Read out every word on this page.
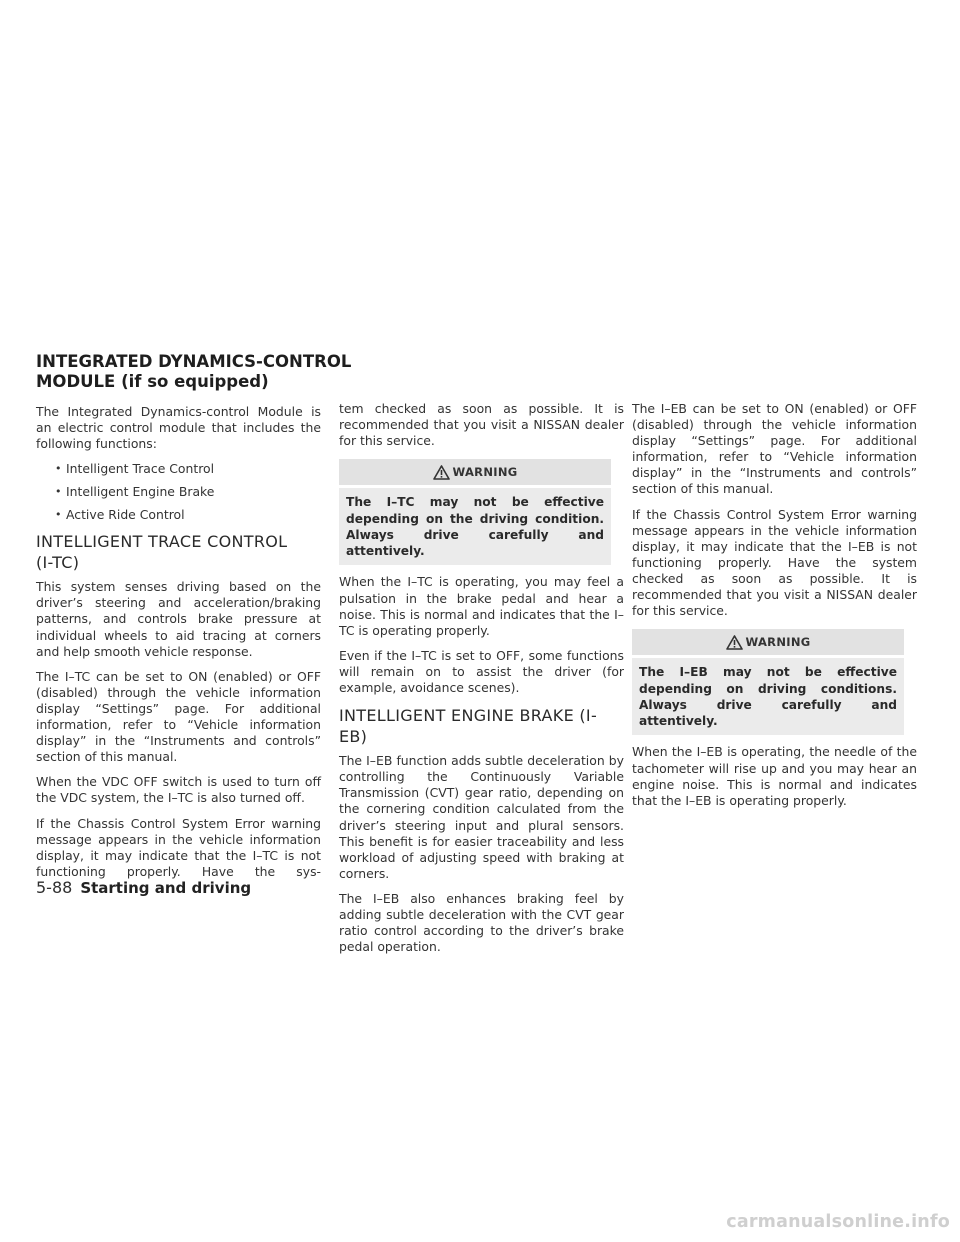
INTEGRATED DYNAMICS-CONTROL
MODULE (if so equipped)

The Integrated Dynamics-control Module is an electric control module that includes the following functions:

• Intelligent Trace Control
• Intelligent Engine Brake
• Active Ride Control
INTELLIGENT TRACE CONTROL
(I-TC)

This system senses driving based on the driver’s steering and acceleration/braking patterns, and controls brake pressure at individual wheels to aid tracing at corners and help smooth vehicle response.

The I–TC can be set to ON (enabled) or OFF (disabled) through the vehicle information display “Settings” page. For additional information, refer to “Vehicle information display” in the “Instruments and controls” section of this manual.

When the VDC OFF switch is used to turn off the VDC system, the I–TC is also turned off.

If the Chassis Control System Error warning message appears in the vehicle information display, it may indicate that the I–TC is not functioning properly. Have the sys-

tem checked as soon as possible. It is recommended that you visit a NISSAN dealer for this service.

WARNING
The I–TC may not be effective depending on the driving condition. Always drive carefully and attentively.

When the I–TC is operating, you may feel a pulsation in the brake pedal and hear a noise. This is normal and indicates that the I–TC is operating properly.

Even if the I–TC is set to OFF, some functions will remain on to assist the driver (for example, avoidance scenes).

INTELLIGENT ENGINE BRAKE (I-EB)

The I–EB function adds subtle deceleration by controlling the Continuously Variable Transmission (CVT) gear ratio, depending on the cornering condition calculated from the driver’s steering input and plural sensors. This benefit is for easier traceability and less workload of adjusting speed with braking at corners.

The I–EB also enhances braking feel by adding subtle deceleration with the CVT gear ratio control according to the driver’s brake pedal operation.

The I–EB can be set to ON (enabled) or OFF (disabled) through the vehicle information display “Settings” page. For additional information, refer to “Vehicle information display” in the “Instruments and controls” section of this manual.

If the Chassis Control System Error warning message appears in the vehicle information display, it may indicate that the I–EB is not functioning properly. Have the system checked as soon as possible. It is recommended that you visit a NISSAN dealer for this service.

WARNING
The I–EB may not be effective depending on driving conditions. Always drive carefully and attentively.

When the I–EB is operating, the needle of the tachometer will rise up and you may hear an engine noise. This is normal and indicates that the I–EB is operating properly.

5-88 Starting and driving
carmanualsonline.info
